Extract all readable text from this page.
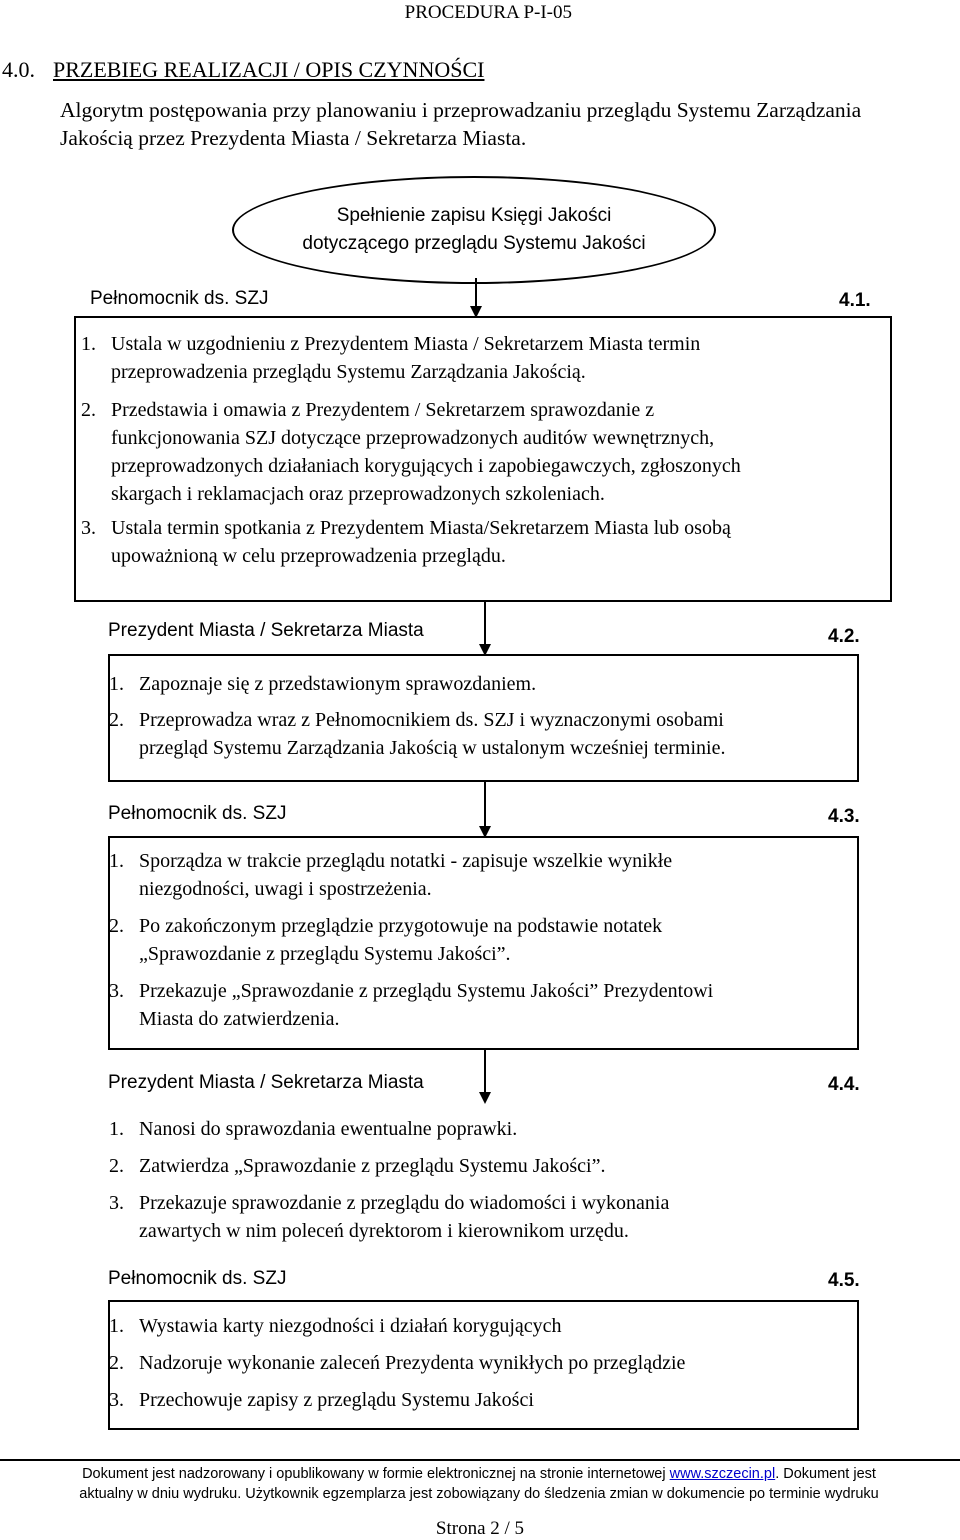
PROCEDURA P-I-05
4.0. PRZEBIEG REALIZACJI / OPIS CZYNNOŚCI
Algorytm postępowania przy planowaniu i przeprowadzaniu przeglądu Systemu Zarządzania
Jakością przez Prezydenta Miasta / Sekretarza Miasta.
Spełnienie zapisu Księgi Jakości
dotyczącego przeglądu Systemu Jakości
Pełnomocnik ds. SZJ	4.1.
1. Ustala w uzgodnieniu z Prezydentem Miasta / Sekretarzem Miasta termin
przeprowadzenia przeglądu Systemu Zarządzania Jakością.
2. Przedstawia i omawia z Prezydentem / Sekretarzem sprawozdanie z
funkcjonowania SZJ dotyczące przeprowadzonych auditów wewnętrznych,
przeprowadzonych działaniach korygujących i zapobiegawczych, zgłoszonych
skargach i reklamacjach oraz przeprowadzonych szkoleniach.
3. Ustala termin spotkania z Prezydentem Miasta/Sekretarzem Miasta lub osobą
upoważnioną w celu przeprowadzenia przeglądu.
Prezydent Miasta / Sekretarza Miasta	4.2.
1. Zapoznaje się z przedstawionym sprawozdaniem.
2. Przeprowadza wraz z Pełnomocnikiem ds. SZJ i wyznaczonymi osobami
przegląd Systemu Zarządzania Jakością w ustalonym wcześniej terminie.
Pełnomocnik ds. SZJ	4.3.
1. Sporządza w trakcie przeglądu notatki - zapisuje wszelkie wynikłe
niezgodności, uwagi i spostrzeżenia.
2. Po zakończonym przeglądzie przygotowuje na podstawie notatek
„Sprawozdanie z przeglądu Systemu Jakości”.
3. Przekazuje „Sprawozdanie z przeglądu Systemu Jakości” Prezydentowi
Miasta do zatwierdzenia.
Prezydent Miasta / Sekretarza Miasta	4.4.
1. Nanosi do sprawozdania ewentualne poprawki.
2. Zatwierdza „Sprawozdanie z przeglądu Systemu Jakości”.
3. Przekazuje sprawozdanie z przeglądu do wiadomości i wykonania
zawartych w nim poleceń dyrektorom i kierownikom urzędu.
Pełnomocnik ds. SZJ	4.5.
1. Wystawia karty niezgodności i działań korygujących
2. Nadzoruje wykonanie zaleceń Prezydenta wynikłych po przeglądzie
3. Przechowuje zapisy z przeglądu Systemu Jakości
Dokument jest nadzorowany i opublikowany w formie elektronicznej na stronie internetowej www.szczecin.pl. Dokument jest
aktualny w dniu wydruku. Użytkownik egzemplarza jest zobowiązany do śledzenia zmian w dokumencie po terminie wydruku
Strona 2 / 5
